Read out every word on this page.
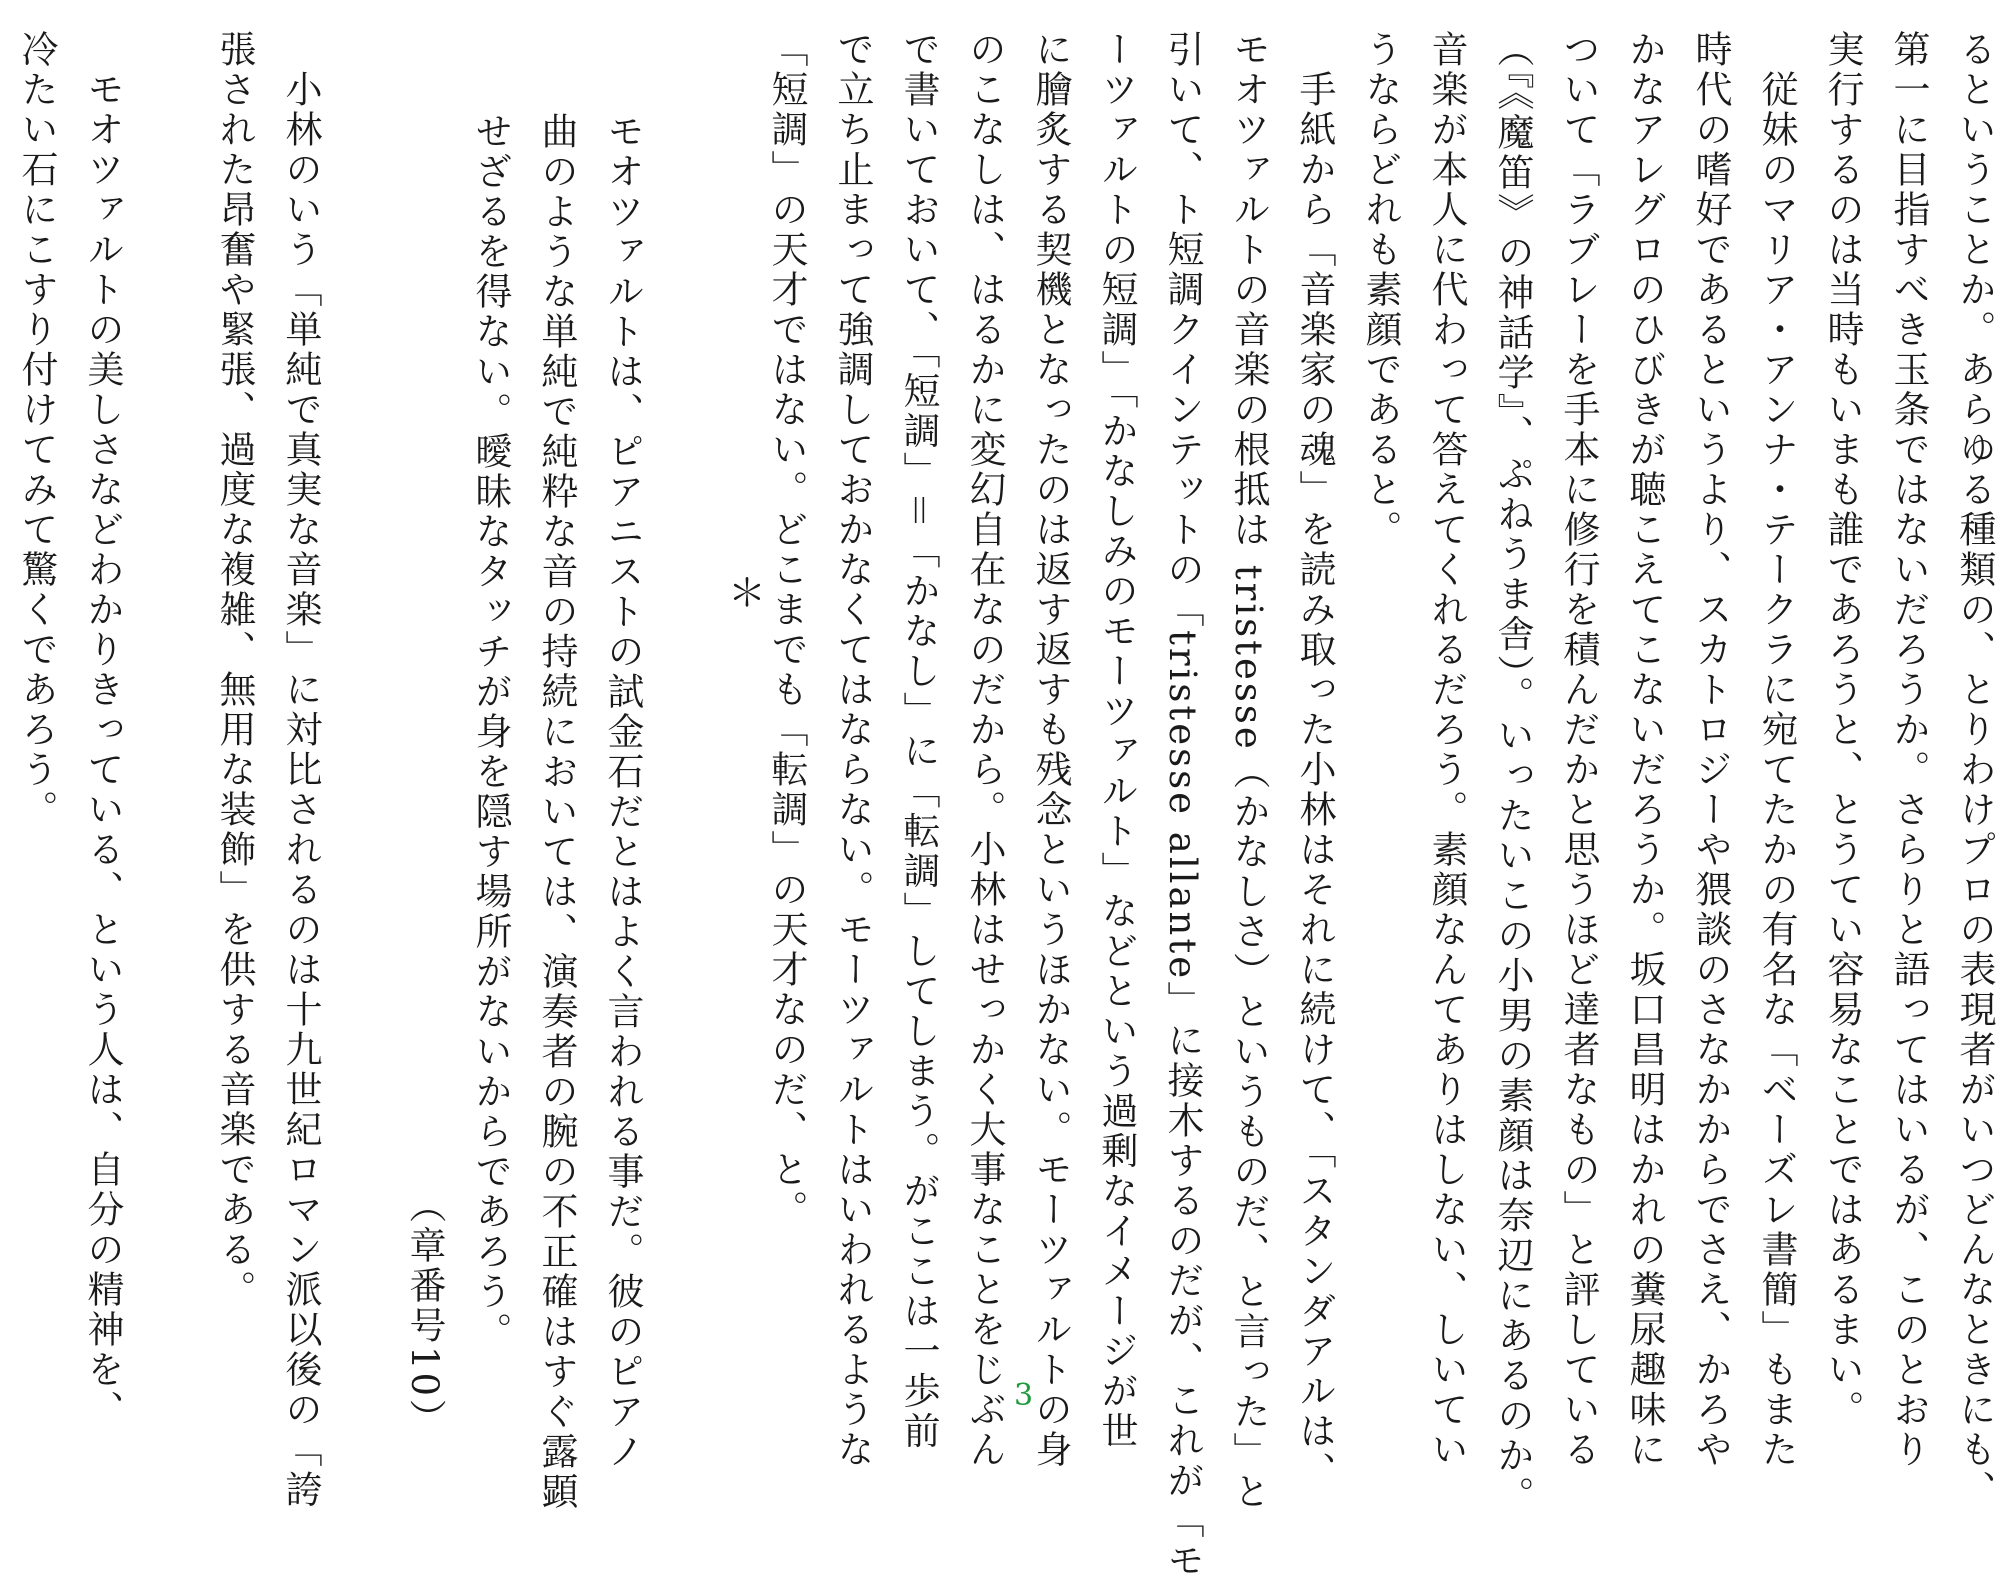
るということか。あらゆる種類の、とりわけプロの表現者がいつどんなときにも、
第一に目指すべき玉条ではないだろうか。さらりと語ってはいるが、このとおり
実行するのは当時もいまも誰であろうと、とうてい容易なことではあるまい。
　従妹のマリア・アンナ・テークラに宛てたかの有名な「ベーズレ書簡」もまた
時代の嗜好であるというより、スカトロジーや猥談のさなかからでさえ、かろや
かなアレグロのひびきが聴こえてこないだろうか。坂口昌明はかれの糞尿趣味に
ついて「ラブレーを手本に修行を積んだかと思うほど達者なもの」と評している
（『《魔笛》の神話学』、ぷねうま舎）。いったいこの小男の素顔は奈辺にあるのか。
音楽が本人に代わって答えてくれるだろう。素顔なんてありはしない、しいてい
うならどれも素顔であると。
　手紙から「音楽家の魂」を読み取った小林はそれに続けて、「スタンダアルは、
モオツァルトの音楽の根抵は tristesse（かなしさ）というものだ、と言った」と
引いて、ト短調クインテットの「tristesse allante」に接木するのだが、これが「モ
ーツァルトの短調」「かなしみのモーツァルト」などという過剰なイメージが世
に膾炙する契機となったのは返す返すも残念というほかない。モーツァルトの身
のこなしは、はるかに変幻自在なのだから。小林はせっかく大事なことをじぶん
で書いておいて、「短調」＝「かなし」に「転調」してしまう。がここは一歩前
で立ち止まって強調しておかなくてはならない。モーツァルトはいわれるような
「短調」の天才ではない。どこまでも「転調」の天才なのだ、と。
＊
モオツァルトは、ピアニストの試金石だとはよく言われる事だ。彼のピアノ
曲のような単純で純粋な音の持続においては、演奏者の腕の不正確はすぐ露顕
せざるを得ない。曖昧なタッチが身を隠す場所がないからであろう。
（章番号10）
　小林のいう「単純で真実な音楽」に対比されるのは十九世紀ロマン派以後の「誇
張された昂奮や緊張、過度な複雑、無用な装飾」を供する音楽である。
　モオツァルトの美しさなどわかりきっている、という人は、自分の精神を、
冷たい石にこすり付けてみて驚くであろう。
3
